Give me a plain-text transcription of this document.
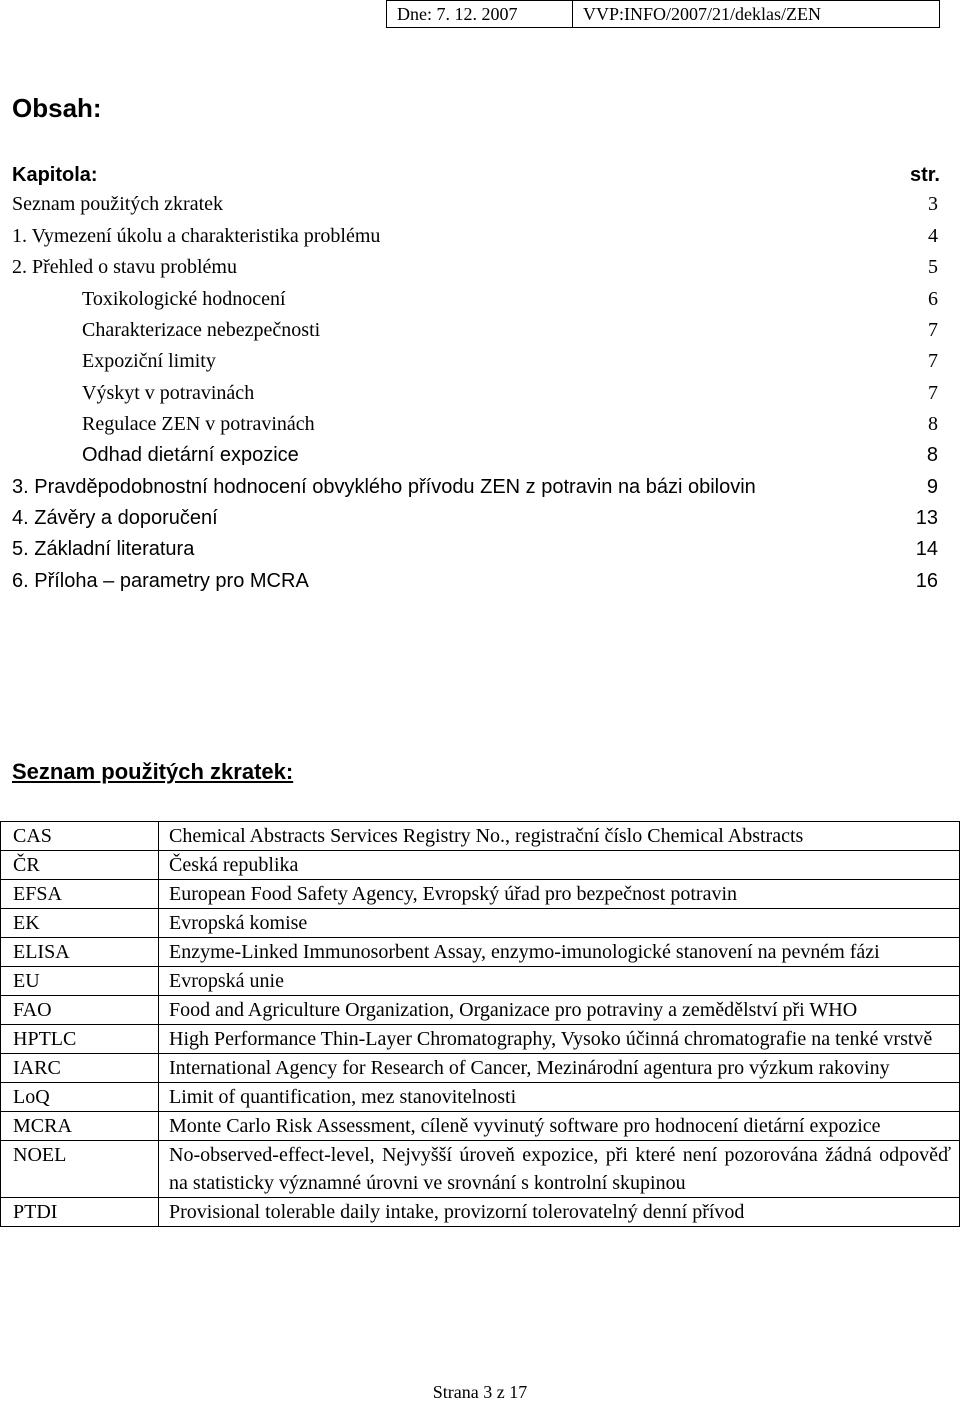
Dne: 7. 12. 2007	VVP:INFO/2007/21/deklas/ZEN
Obsah:
Kapitola:	str.
Seznam použitých zkratek	3
1. Vymezení úkolu a charakteristika problému	4
2. Přehled o stavu problému	5
Toxikologické hodnocení	6
Charakterizace nebezpečnosti	7
Expoziční limity	7
Výskyt v potravinách	7
Regulace ZEN v potravinách	8
Odhad dietární expozice	8
3. Pravděpodobnostní hodnocení obvyklého přívodu ZEN z potravin na bázi obilovin	9
4. Závěry a doporučení	13
5. Základní literatura	14
6. Příloha – parametry pro MCRA	16
Seznam použitých zkratek:
CAS	Chemical Abstracts Services Registry No., registrační číslo Chemical Abstracts
ČR	Česká republika
EFSA	European Food Safety Agency, Evropský úřad pro bezpečnost potravin
EK	Evropská komise
ELISA	Enzyme-Linked Immunosorbent Assay, enzymo-imunologické stanovení na pevném fázi
EU	Evropská unie
FAO	Food and Agriculture Organization, Organizace pro potraviny a zemědělství při WHO
HPTLC	High Performance Thin-Layer Chromatography, Vysoko účinná chromatografie na tenké vrstvě
IARC	International Agency for Research of Cancer, Mezinárodní agentura pro výzkum rakoviny
LoQ	Limit of quantification, mez stanovitelnosti
MCRA	Monte Carlo Risk Assessment, cíleně vyvinutý software pro hodnocení dietární expozice
NOEL	No-observed-effect-level, Nejvyšší úroveň expozice, při které není pozorována žádná odpověď na statisticky významné úrovni ve srovnání s kontrolní skupinou
PTDI	Provisional tolerable daily intake, provizorní tolerovatelný denní přívod
Strana 3 z 17
